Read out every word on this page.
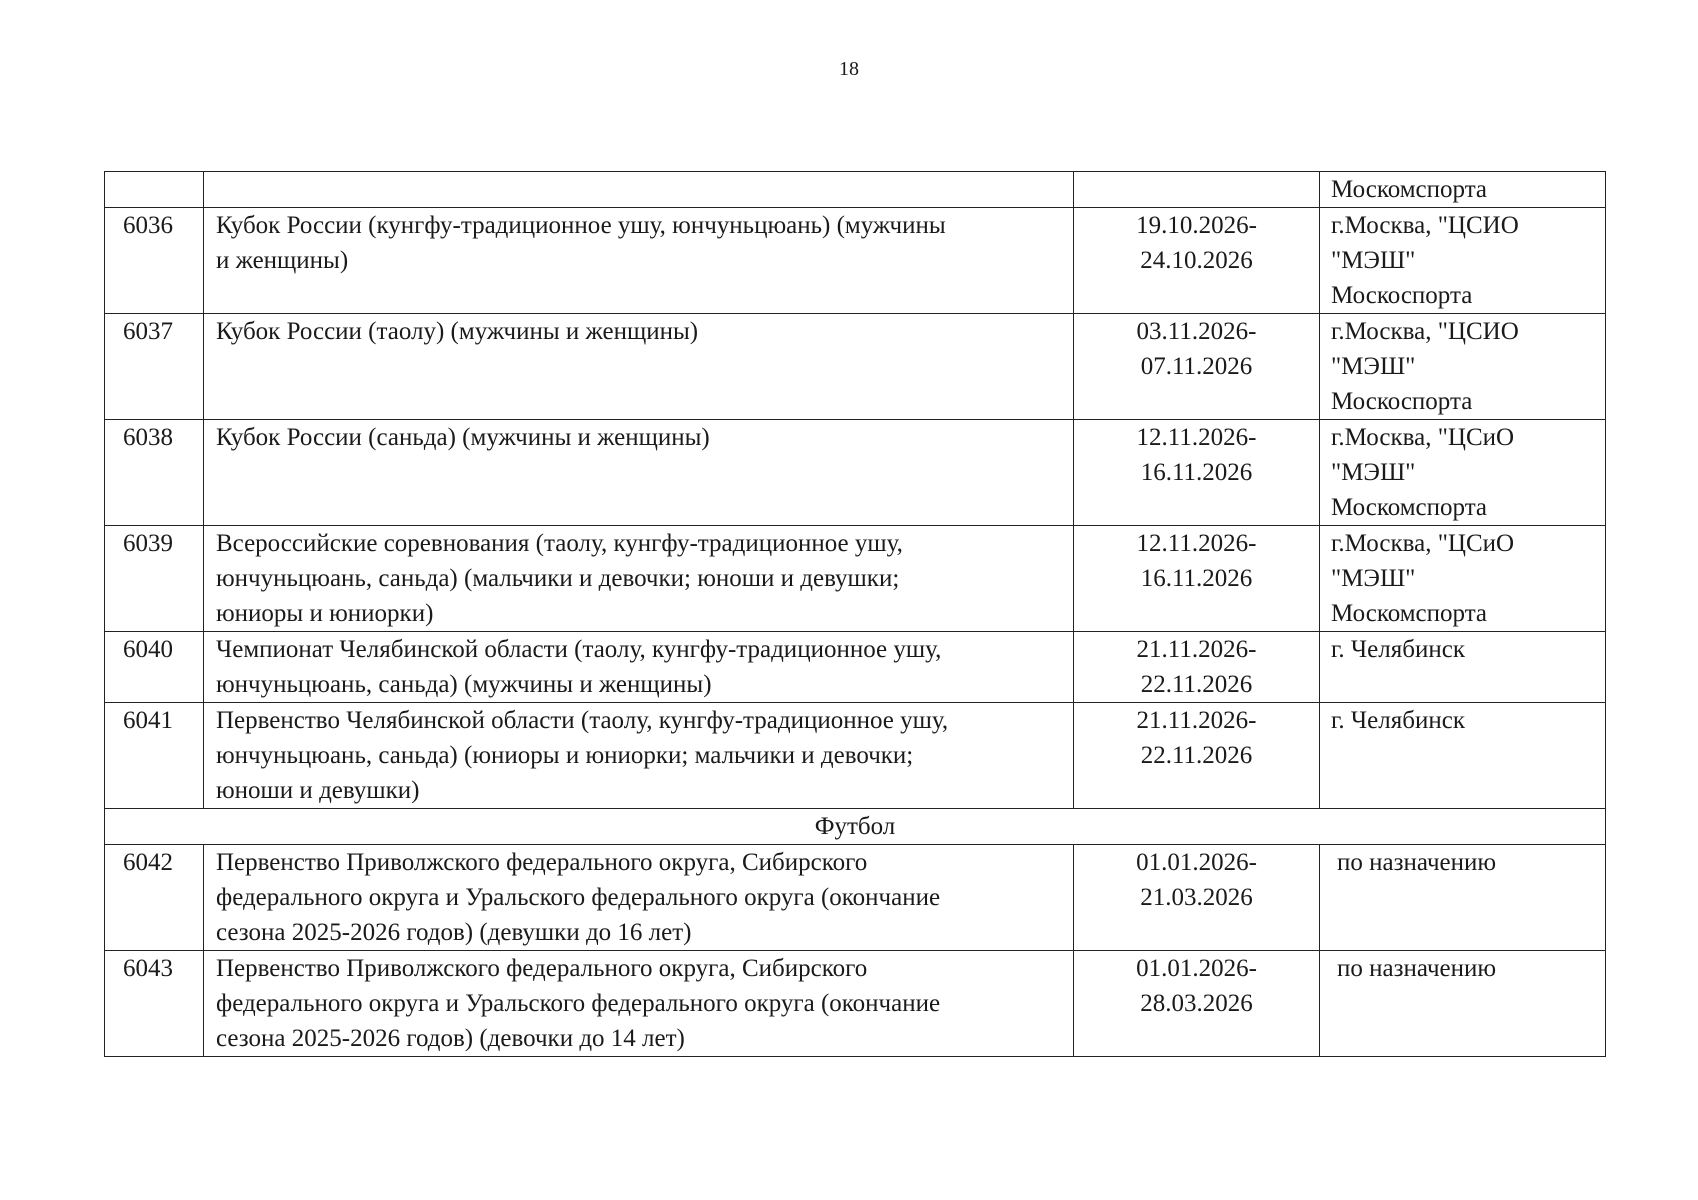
18

			Москомспорта

6036	Кубок России (кунгфу-традиционное ушу, юнчуньцюань) (мужчины
и женщины)	19.10.2026-
24.10.2026	г.Москва, "ЦСИО
"МЭШ"
Москоспорта

6037	Кубок России (таолу) (мужчины и женщины)	03.11.2026-
07.11.2026	г.Москва, "ЦСИО
"МЭШ"
Москоспорта

6038	Кубок России (саньда) (мужчины и женщины)	12.11.2026-
16.11.2026	г.Москва, "ЦСиО
"МЭШ"
Москомспорта

6039	Всероссийские соревнования (таолу, кунгфу-традиционное ушу,
юнчуньцюань, саньда) (мальчики и девочки; юноши и девушки;
юниоры и юниорки)	12.11.2026-
16.11.2026	г.Москва, "ЦСиО
"МЭШ"
Москомспорта

6040	Чемпионат Челябинской области (таолу, кунгфу-традиционное ушу,
юнчуньцюань, саньда) (мужчины и женщины)	21.11.2026-
22.11.2026	г. Челябинск

6041	Первенство Челябинской области (таолу, кунгфу-традиционное ушу,
юнчуньцюань, саньда) (юниоры и юниорки; мальчики и девочки;
юноши и девушки)	21.11.2026-
22.11.2026	г. Челябинск

Футбол			
6042	Первенство Приволжского федерального округа, Сибирского
федерального округа и Уральского федерального округа (окончание
сезона 2025-2026 годов) (девушки до 16 лет)	01.01.2026-
21.03.2026	по назначению

6043	Первенство Приволжского федерального округа, Сибирского
федерального округа и Уральского федерального округа (окончание
сезона 2025-2026 годов) (девочки до 14 лет)	01.01.2026-
28.03.2026	по назначению
